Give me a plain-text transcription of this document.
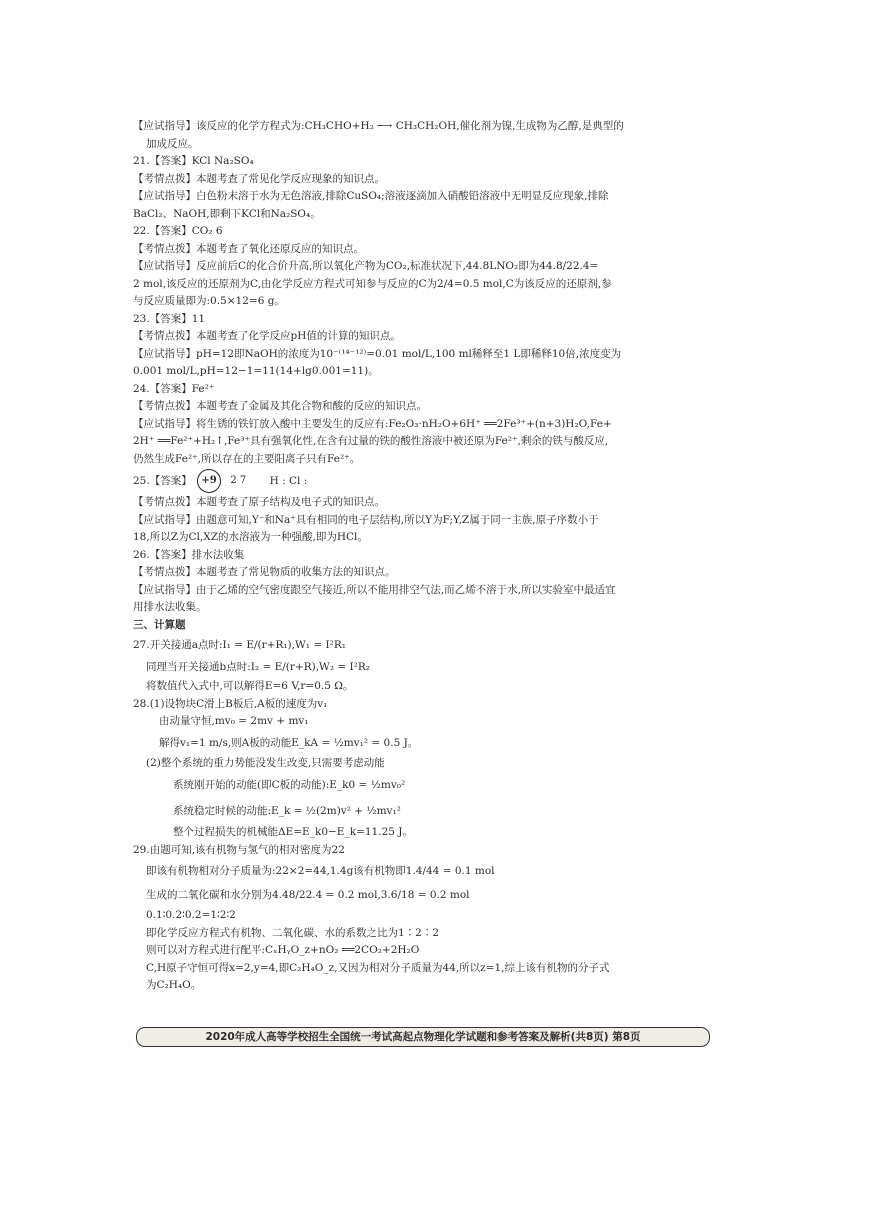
【应试指导】该反应的化学方程式为:CH₃CHO+H₂ ─→ CH₃CH₂OH,催化剂为镍,生成物为乙醇,是典型的
加成反应。
21.【答案】KCl Na₂SO₄
【考情点拨】本题考查了常见化学反应现象的知识点。
【应试指导】白色粉末溶于水为无色溶液,排除CuSO₄;溶液逐滴加入硝酸铅溶液中无明显反应现象,排除
BaCl₂、NaOH,即剩下KCl和Na₂SO₄。
22.【答案】CO₂ 6
【考情点拨】本题考查了氧化还原反应的知识点。
【应试指导】反应前后C的化合价升高,所以氧化产物为CO₂,标准状况下,44.8LNO₂即为44.8/22.4=
2 mol,该反应的还原剂为C,由化学反应方程式可知参与反应的C为2/4=0.5 mol,C为该反应的还原剂,参
与反应质量即为:0.5×12=6 g。
23.【答案】11
【考情点拨】本题考查了化学反应pH值的计算的知识点。
【应试指导】pH=12即NaOH的浓度为10⁻⁽¹⁴⁻¹²⁾=0.01 mol/L,100 ml稀释至1 L即稀释10倍,浓度变为
0.001 mol/L,pH=12−1=11(14+lg0.001=11)。
24.【答案】Fe²⁺
【考情点拨】本题考查了金属及其化合物和酸的反应的知识点。
【应试指导】将生锈的铁钉放入酸中主要发生的反应有:Fe₂O₃·nH₂O+6H⁺ ══2Fe³⁺+(n+3)H₂O,Fe+
2H⁺ ══Fe²⁺+H₂↑,Fe³⁺具有强氧化性,在含有过量的铁的酸性溶液中被还原为Fe²⁺,剩余的铁与酸反应,
仍然生成Fe²⁺,所以存在的主要阳离子只有Fe²⁺。
25.【答案】 +9 2 7 H : Cl :
【考情点拨】本题考查了原子结构及电子式的知识点。
【应试指导】由题意可知,Y⁻和Na⁺具有相同的电子层结构,所以Y为F;Y,Z属于同一主族,原子序数小于
18,所以Z为Cl,XZ的水溶液为一种强酸,即为HCl。
26.【答案】排水法收集
【考情点拨】本题考查了常见物质的收集方法的知识点。
【应试指导】由于乙烯的空气密度跟空气接近,所以不能用排空气法,而乙烯不溶于水,所以实验室中最适宜
用排水法收集。
三、计算题
27.开关接通a点时:I₁ = E/(r+R₁),W₁ = I²R₁
同理当开关接通b点时:I₂ = E/(r+R),W₂ = I²R₂
将数值代入式中,可以解得E=6 V,r=0.5 Ω。
28.(1)设物块C滑上B板后,A板的速度为v₁
由动量守恒,mv₀ = 2mv + mv₁
解得v₁=1 m/s,则A板的动能E_kA = ½mv₁² = 0.5 J。
(2)整个系统的重力势能没发生改变,只需要考虑动能
系统刚开始的动能(即C板的动能):E_k0 = ½mv₀²
系统稳定时候的动能:E_k = ½(2m)v² + ½mv₁²
整个过程损失的机械能ΔE=E_k0−E_k=11.25 J。
29.由题可知,该有机物与氢气的相对密度为22
即该有机物相对分子质量为:22×2=44,1.4g该有机物即1.4/44 = 0.1 mol
生成的二氧化碳和水分别为4.48/22.4 = 0.2 mol,3.6/18 = 0.2 mol
0.1∶0.2∶0.2=1∶2∶2
即化学反应方程式有机物、二氧化碳、水的系数之比为1∶2∶2
则可以对方程式进行配平:CₓHᵧO_z+nO₂ ══2CO₂+2H₂O
C,H原子守恒可得x=2,y=4,即C₂H₄O_z,又因为相对分子质量为44,所以z=1,综上该有机物的分子式
为C₂H₄O。
2020年成人高等学校招生全国统一考试高起点物理化学试题和参考答案及解析(共8页) 第8页
